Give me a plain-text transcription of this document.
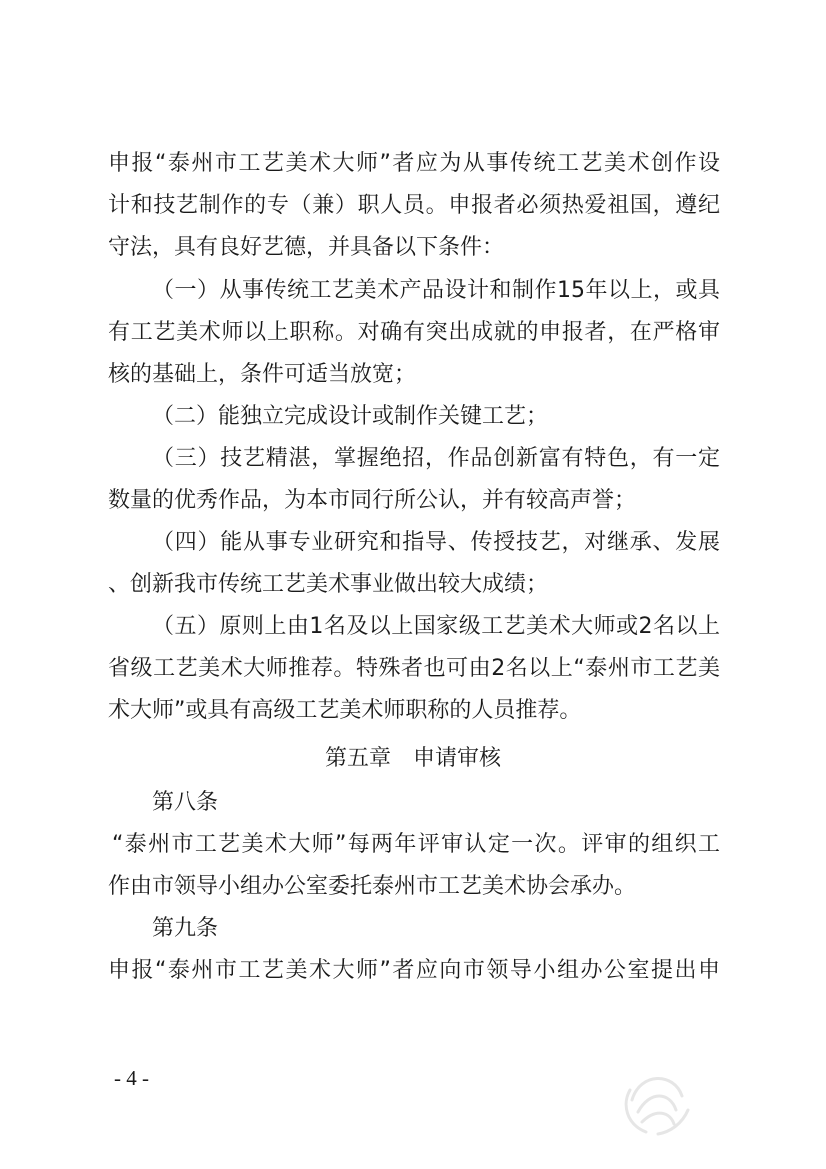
申报“泰州市工艺美术大师”者应为从事传统工艺美术创作设
计和技艺制作的专（兼）职人员。申报者必须热爱祖国，遵纪
守法，具有良好艺德，并具备以下条件：
（一）从事传统工艺美术产品设计和制作15年以上，或具
有工艺美术师以上职称。对确有突出成就的申报者，在严格审
核的基础上，条件可适当放宽；
（二）能独立完成设计或制作关键工艺；
（三）技艺精湛，掌握绝招，作品创新富有特色，有一定
数量的优秀作品，为本市同行所公认，并有较高声誉；
（四）能从事专业研究和指导、传授技艺，对继承、发展
、创新我市传统工艺美术事业做出较大成绩；
（五）原则上由1名及以上国家级工艺美术大师或2名以上
省级工艺美术大师推荐。特殊者也可由2名以上“泰州市工艺美
术大师”或具有高级工艺美术师职称的人员推荐。
第五章　申请审核
第八条
“泰州市工艺美术大师”每两年评审认定一次。评审的组织工
作由市领导小组办公室委托泰州市工艺美术协会承办。
第九条
申报“泰州市工艺美术大师”者应向市领导小组办公室提出申
- 4 -
